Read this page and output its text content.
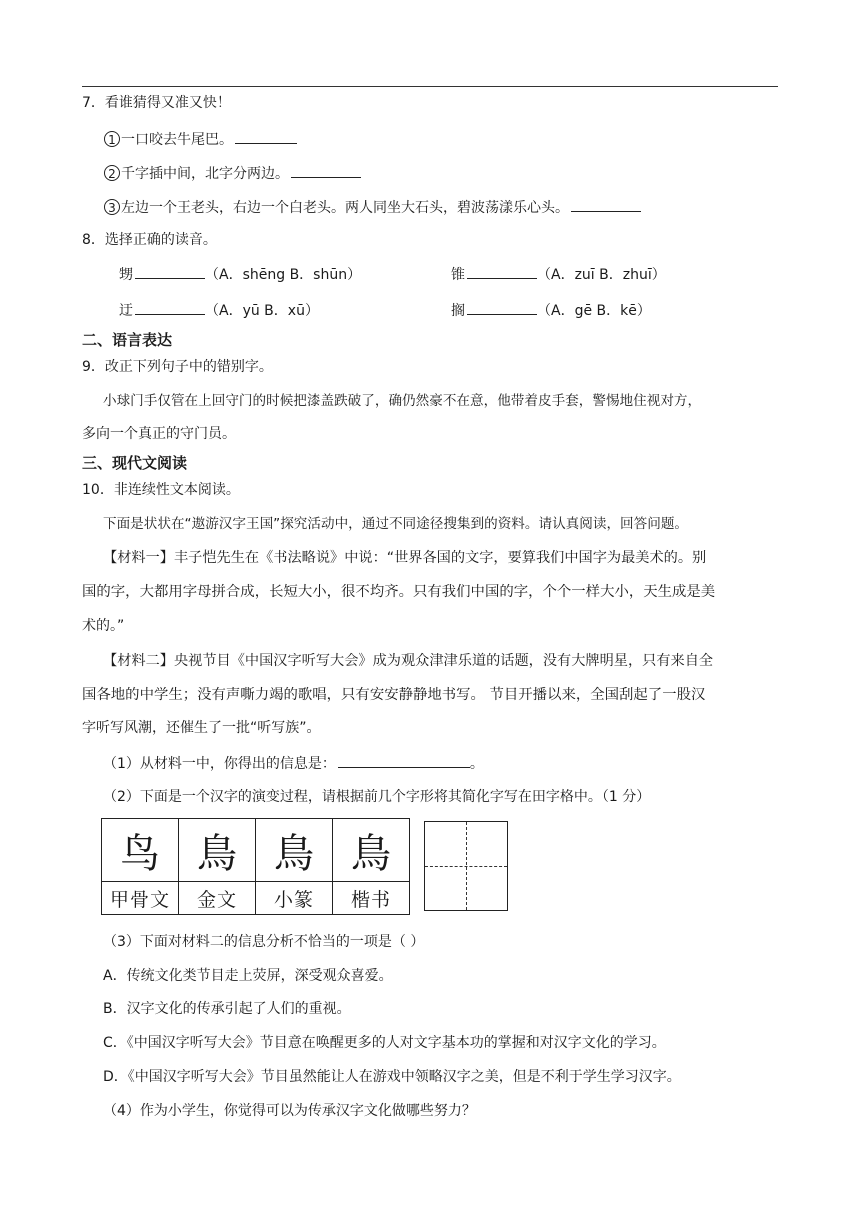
7．看谁猜得又准又快！
1 一口咬去牛尾巴。
2 千字插中间，北字分两边。
3 左边一个王老头，右边一个白老头。两人同坐大石头，碧波荡漾乐心头。
8．选择正确的读音。
甥	（A．shēng B．shūn）	锥	（A．zuī B．zhuī）
迂	（A．yū B．xū）	搁	（A．gē B．kē）
二、语言表达
9．改正下列句子中的错别字。
小球门手仅管在上回守门的时候把漆盖跌破了，确仍然豪不在意，他带着皮手套，警惕地住视对方，
多向一个真正的守门员。
三、现代文阅读
10．非连续性文本阅读。
下面是状状在“遨游汉字王国”探究活动中，通过不同途径搜集到的资料。请认真阅读，回答问题。
【材料一】丰子恺先生在《书法略说》中说：“世界各国的文字，要算我们中国字为最美术的。别
国的字，大都用字母拼合成，长短大小，很不均齐。只有我们中国的字，个个一样大小，天生成是美
术的。”
【材料二】央视节目《中国汉字听写大会》成为观众津津乐道的话题，没有大牌明星，只有来自全
国各地的中学生；没有声嘶力竭的歌唱，只有安安静静地书写。 节目开播以来，全国刮起了一股汉
字听写风潮，还催生了一批“听写族”。
（1）从材料一中，你得出的信息是：	。
（2）下面是一个汉字的演变过程，请根据前几个字形将其简化字写在田字格中。（1 分）
鸟	鳥	鳥	鳥
甲骨文	金文	小篆	楷书
（3）下面对材料二的信息分析不恰当的一项是（ ）
A．传统文化类节目走上荧屏，深受观众喜爱。
B．汉字文化的传承引起了人们的重视。
C．《中国汉字听写大会》节目意在唤醒更多的人对文字基本功的掌握和对汉字文化的学习。
D．《中国汉字听写大会》节目虽然能让人在游戏中领略汉字之美，但是不利于学生学习汉字。
（4）作为小学生，你觉得可以为传承汉字文化做哪些努力？
